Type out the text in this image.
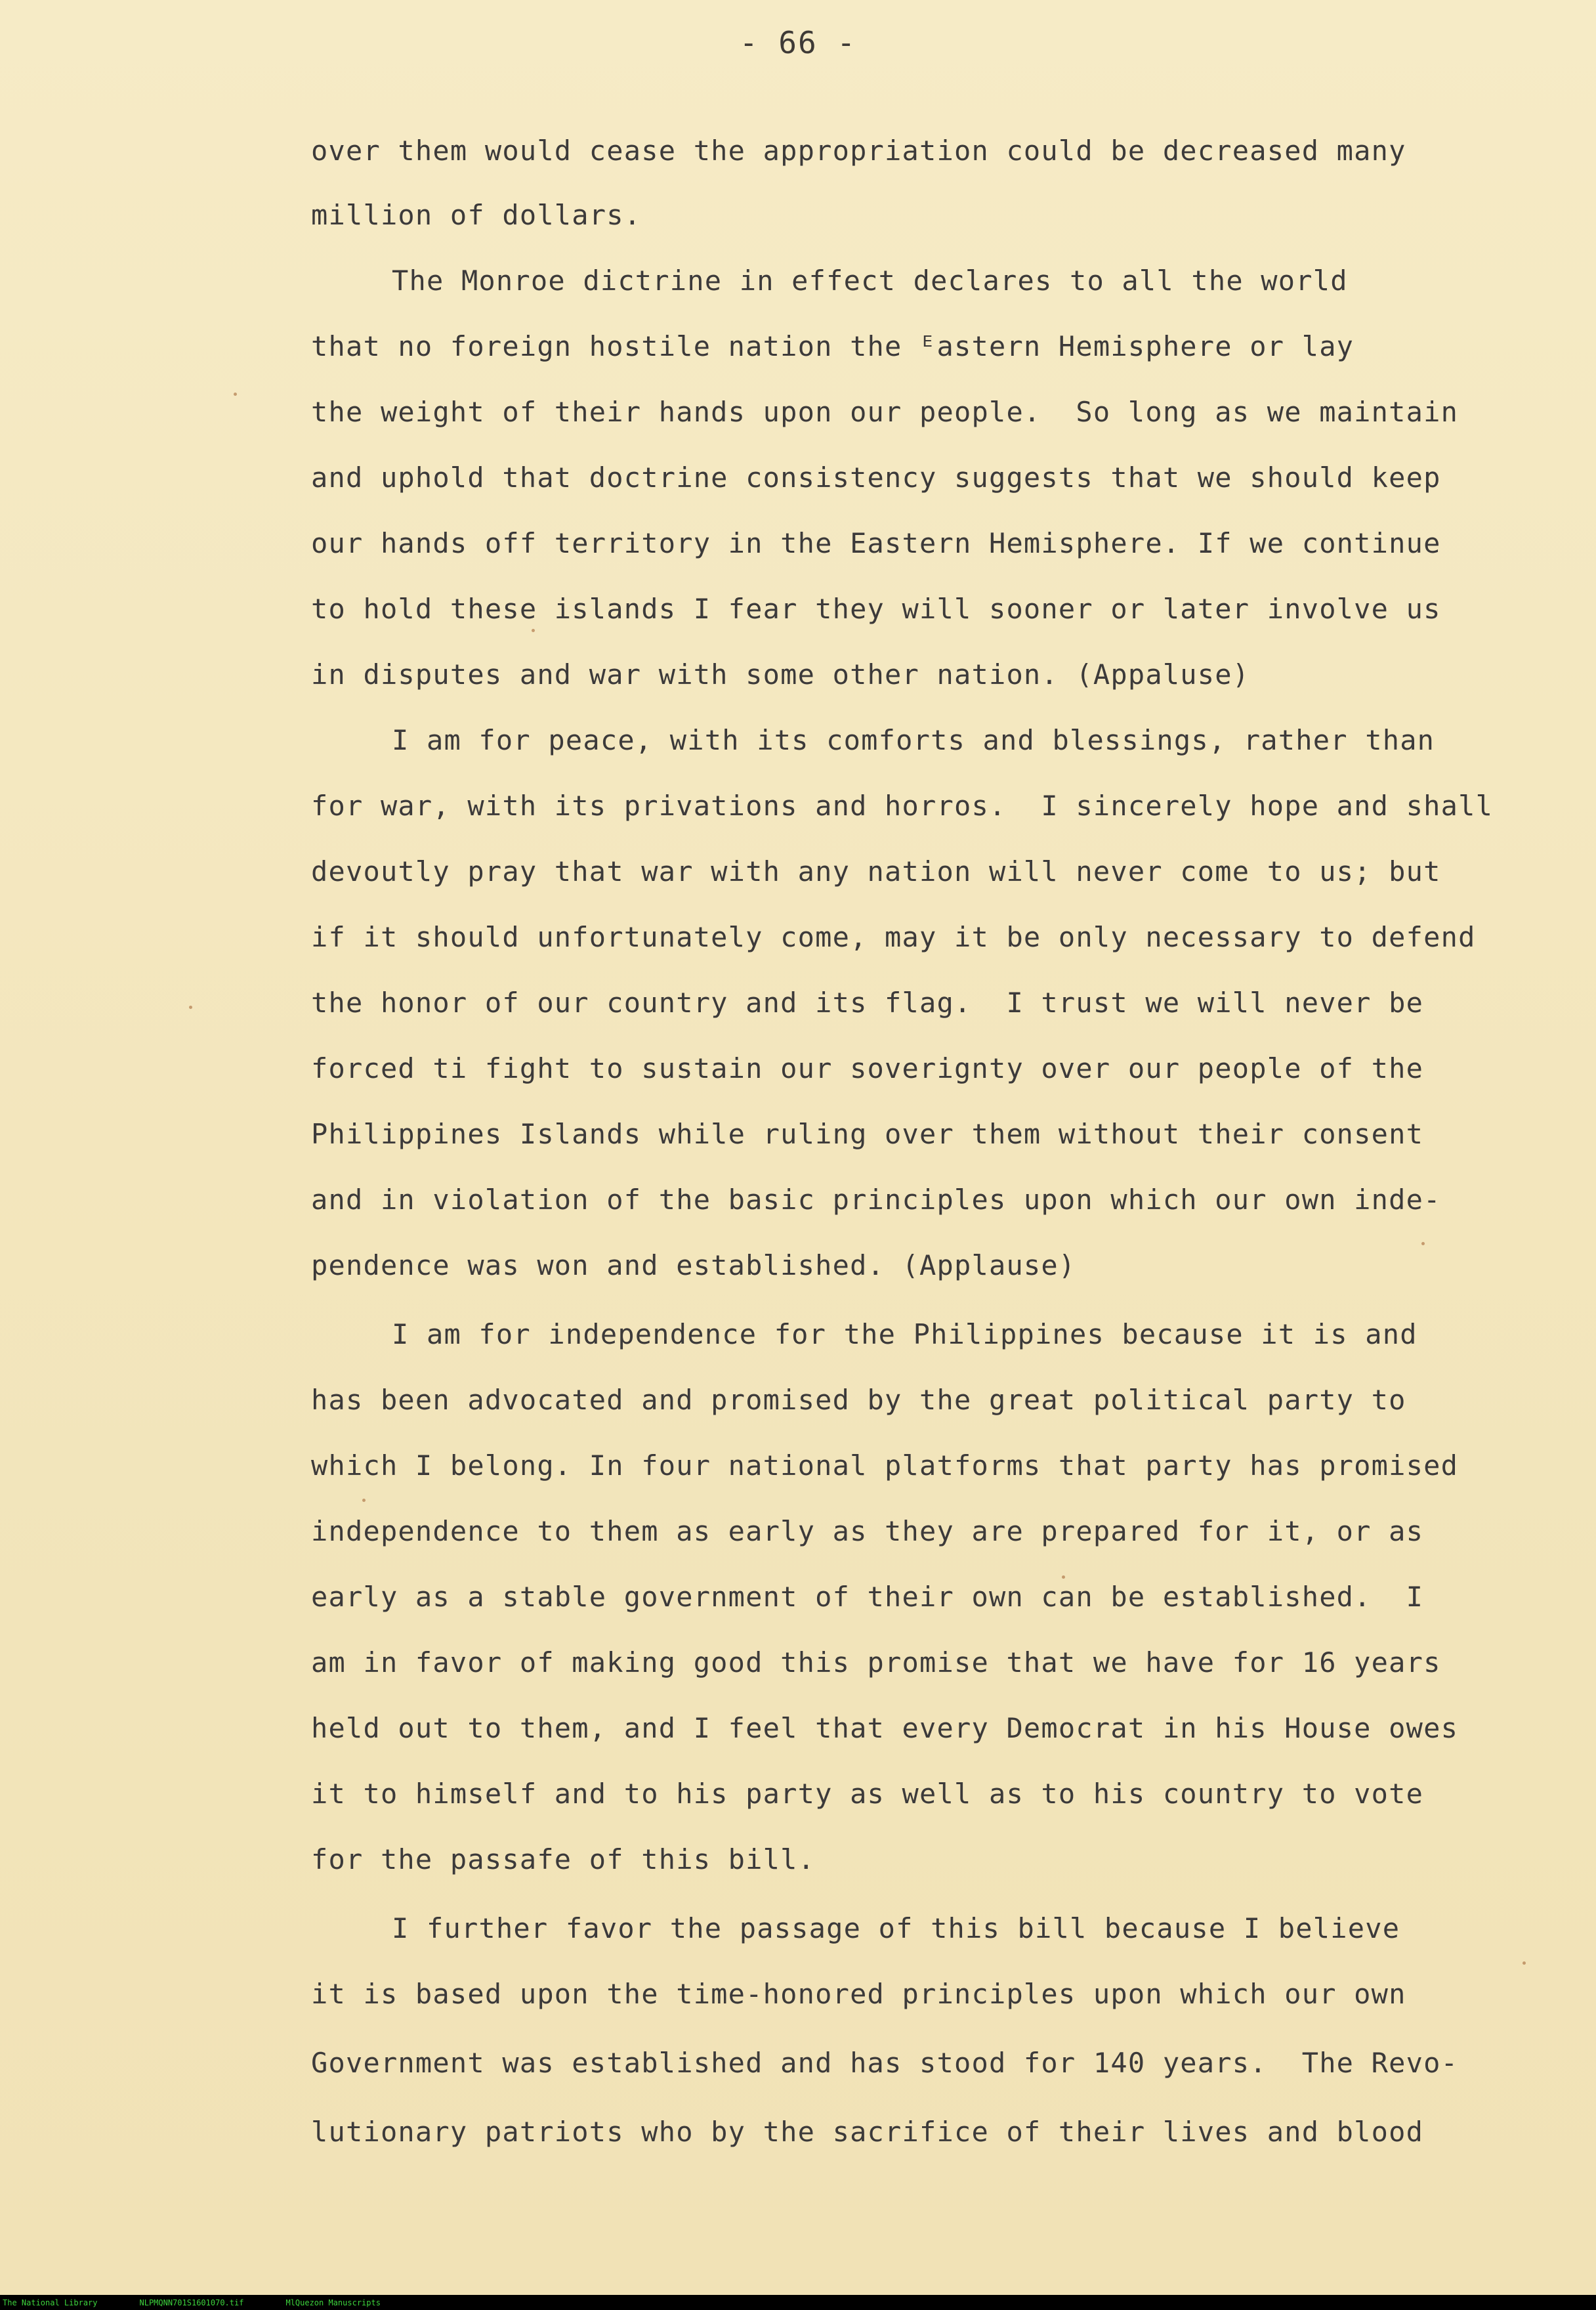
- 66 -
over them would cease the appropriation could be decreased many
million of dollars.
The Monroe dictrine in effect declares to all the world
that no foreign hostile nation the ᴱastern Hemisphere or lay
the weight of their hands upon our people.  So long as we maintain
and uphold that doctrine consistency suggests that we should keep
our hands off territory in the Eastern Hemisphere. If we continue
to hold these islands I fear they will sooner or later involve us
in disputes and war with some other nation. (Appaluse)
I am for peace, with its comforts and blessings, rather than
for war, with its privations and horros.  I sincerely hope and shall
devoutly pray that war with any nation will never come to us; but
if it should unfortunately come, may it be only necessary to defend
the honor of our country and its flag.  I trust we will never be
forced ti fight to sustain our soverignty over our people of the
Philippines Islands while ruling over them without their consent
and in violation of the basic principles upon which our own inde-
pendence was won and established. (Applause)
I am for independence for the Philippines because it is and
has been advocated and promised by the great political party to
which I belong. In four national platforms that party has promised
independence to them as early as they are prepared for it, or as
early as a stable government of their own can be established.  I
am in favor of making good this promise that we have for 16 years
held out to them, and I feel that every Democrat in his House owes
it to himself and to his party as well as to his country to vote
for the passafe of this bill.
I further favor the passage of this bill because I believe
it is based upon the time-honored principles upon which our own
Government was established and has stood for 140 years.  The Revo-
lutionary patriots who by the sacrifice of their lives and blood
The National Library	NLPMQNN701S1601070.tif	MlQuezon Manuscripts
